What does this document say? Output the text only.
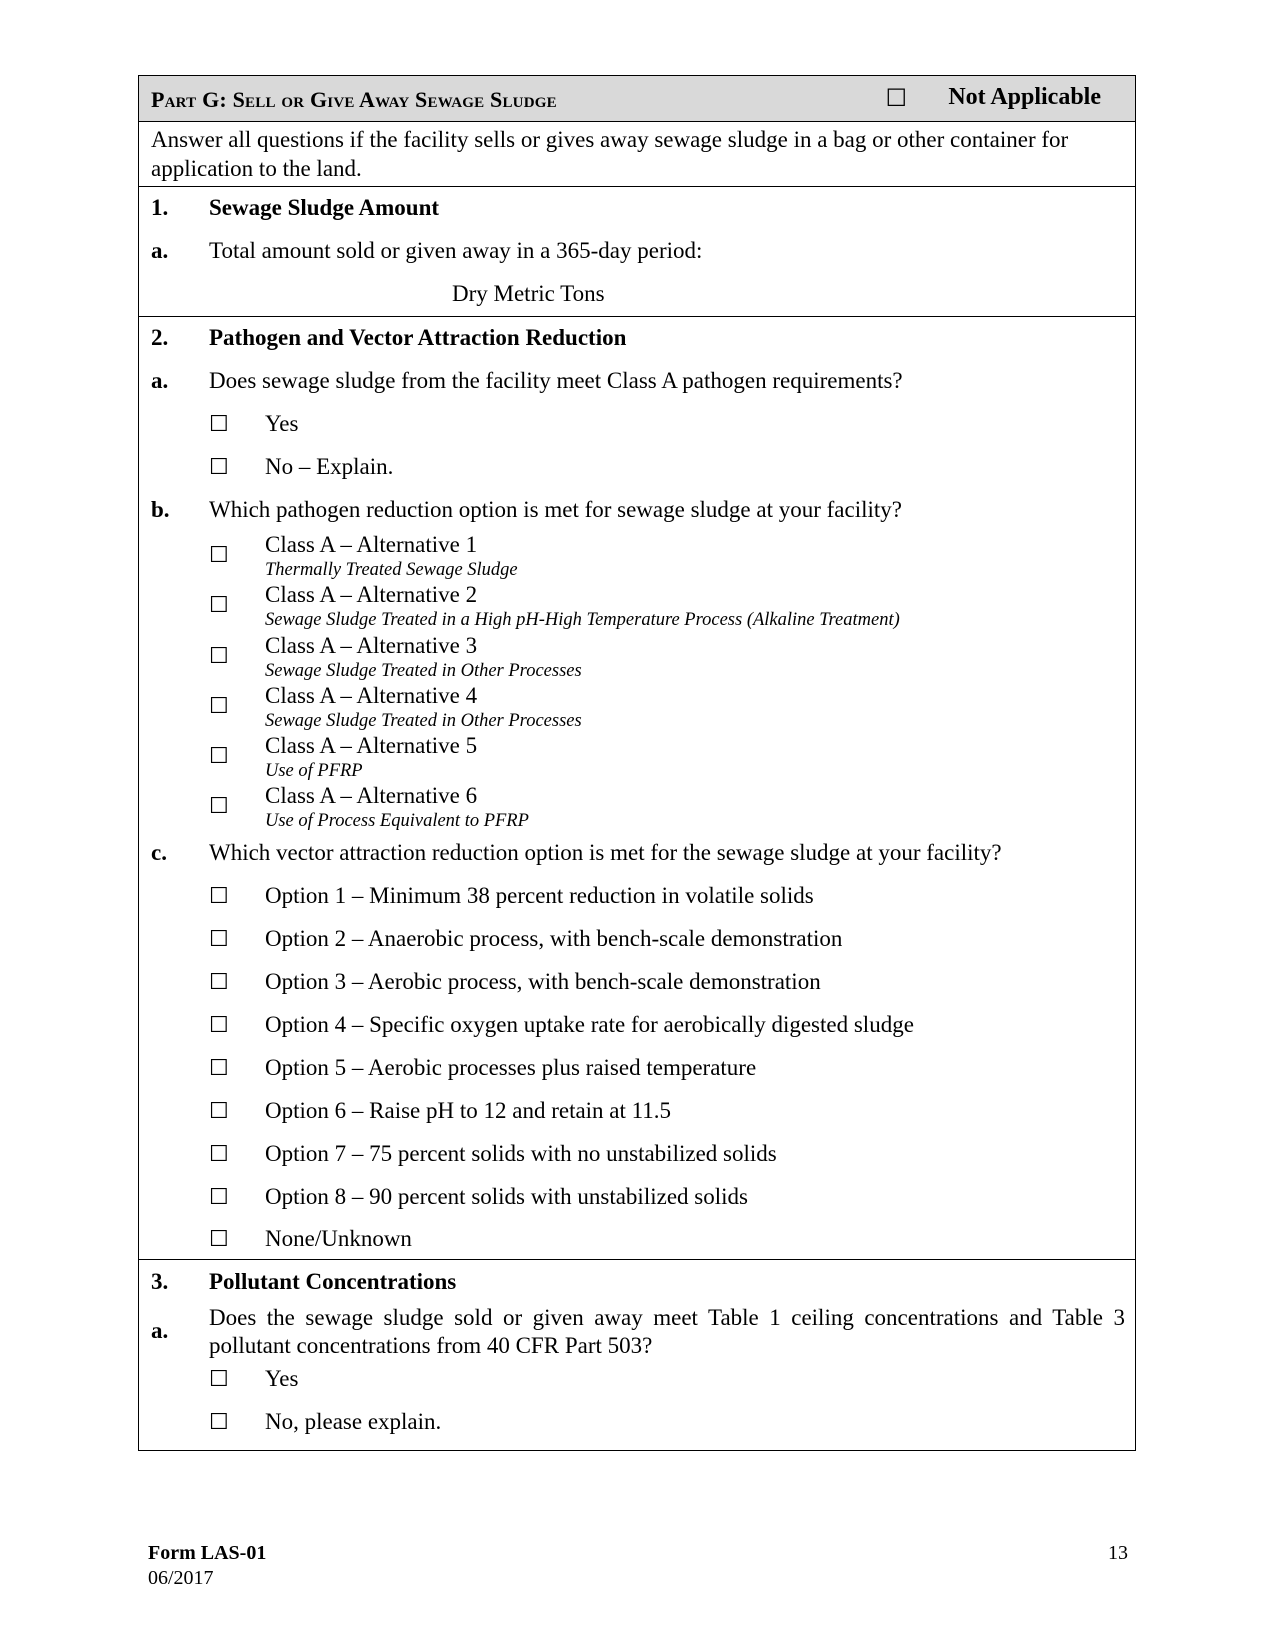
Part G: Sell or Give Away Sewage Sludge	☐ Not Applicable
Answer all questions if the facility sells or gives away sewage sludge in a bag or other container for application to the land.
1. Sewage Sludge Amount
a. Total amount sold or given away in a 365-day period:
Dry Metric Tons
2. Pathogen and Vector Attraction Reduction
a. Does sewage sludge from the facility meet Class A pathogen requirements?
☐ Yes
☐ No – Explain.
b. Which pathogen reduction option is met for sewage sludge at your facility?
☐ Class A – Alternative 1
Thermally Treated Sewage Sludge
☐ Class A – Alternative 2
Sewage Sludge Treated in a High pH-High Temperature Process (Alkaline Treatment)
☐ Class A – Alternative 3
Sewage Sludge Treated in Other Processes
☐ Class A – Alternative 4
Sewage Sludge Treated in Other Processes
☐ Class A – Alternative 5
Use of PFRP
☐ Class A – Alternative 6
Use of Process Equivalent to PFRP
c. Which vector attraction reduction option is met for the sewage sludge at your facility?
☐ Option 1 – Minimum 38 percent reduction in volatile solids
☐ Option 2 – Anaerobic process, with bench-scale demonstration
☐ Option 3 – Aerobic process, with bench-scale demonstration
☐ Option 4 – Specific oxygen uptake rate for aerobically digested sludge
☐ Option 5 – Aerobic processes plus raised temperature
☐ Option 6 – Raise pH to 12 and retain at 11.5
☐ Option 7 – 75 percent solids with no unstabilized solids
☐ Option 8 – 90 percent solids with unstabilized solids
☐ None/Unknown
3. Pollutant Concentrations
a.
Does the sewage sludge sold or given away meet Table 1 ceiling concentrations and Table 3 pollutant concentrations from 40 CFR Part 503?
☐ Yes
☐ No, please explain.
Form LAS-01
06/2017
13
